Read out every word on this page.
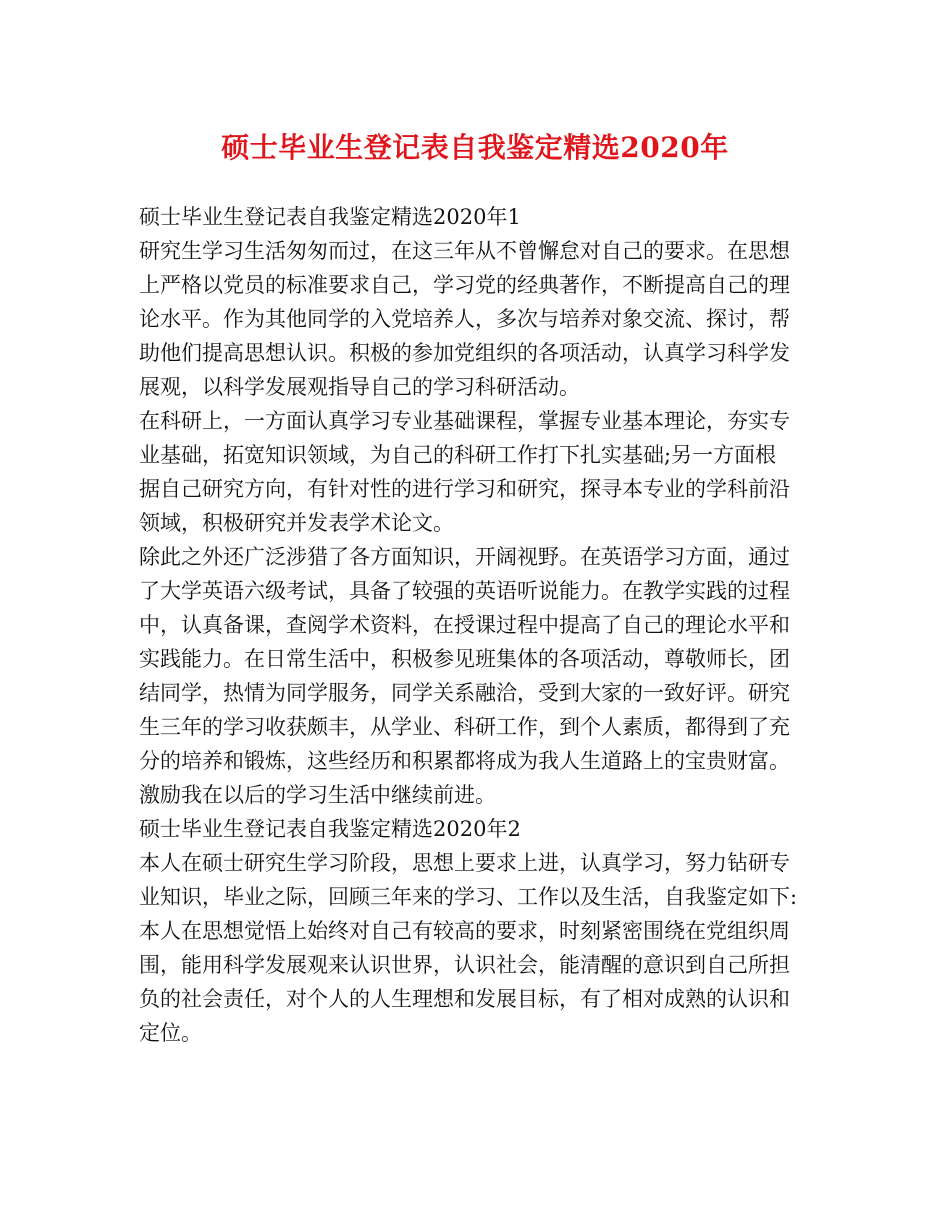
硕士毕业生登记表自我鉴定精选2020年
硕士毕业生登记表自我鉴定精选2020年1
研究生学习生活匆匆而过，在这三年从不曾懈怠对自己的要求。在思想
上严格以党员的标准要求自己，学习党的经典著作，不断提高自己的理
论水平。作为其他同学的入党培养人，多次与培养对象交流、探讨，帮
助他们提高思想认识。积极的参加党组织的各项活动，认真学习科学发
展观，以科学发展观指导自己的学习科研活动。
在科研上，一方面认真学习专业基础课程，掌握专业基本理论，夯实专
业基础，拓宽知识领域，为自己的科研工作打下扎实基础;另一方面根
据自己研究方向，有针对性的进行学习和研究，探寻本专业的学科前沿
领域，积极研究并发表学术论文。
除此之外还广泛涉猎了各方面知识，开阔视野。在英语学习方面，通过
了大学英语六级考试，具备了较强的英语听说能力。在教学实践的过程
中，认真备课，查阅学术资料，在授课过程中提高了自己的理论水平和
实践能力。在日常生活中，积极参见班集体的各项活动，尊敬师长，团
结同学，热情为同学服务，同学关系融洽，受到大家的一致好评。研究
生三年的学习收获颇丰，从学业、科研工作，到个人素质，都得到了充
分的培养和锻炼，这些经历和积累都将成为我人生道路上的宝贵财富。
激励我在以后的学习生活中继续前进。
硕士毕业生登记表自我鉴定精选2020年2
本人在硕士研究生学习阶段，思想上要求上进，认真学习，努力钻研专
业知识，毕业之际，回顾三年来的学习、工作以及生活，自我鉴定如下:
本人在思想觉悟上始终对自己有较高的要求，时刻紧密围绕在党组织周
围，能用科学发展观来认识世界，认识社会，能清醒的意识到自己所担
负的社会责任，对个人的人生理想和发展目标，有了相对成熟的认识和
定位。
